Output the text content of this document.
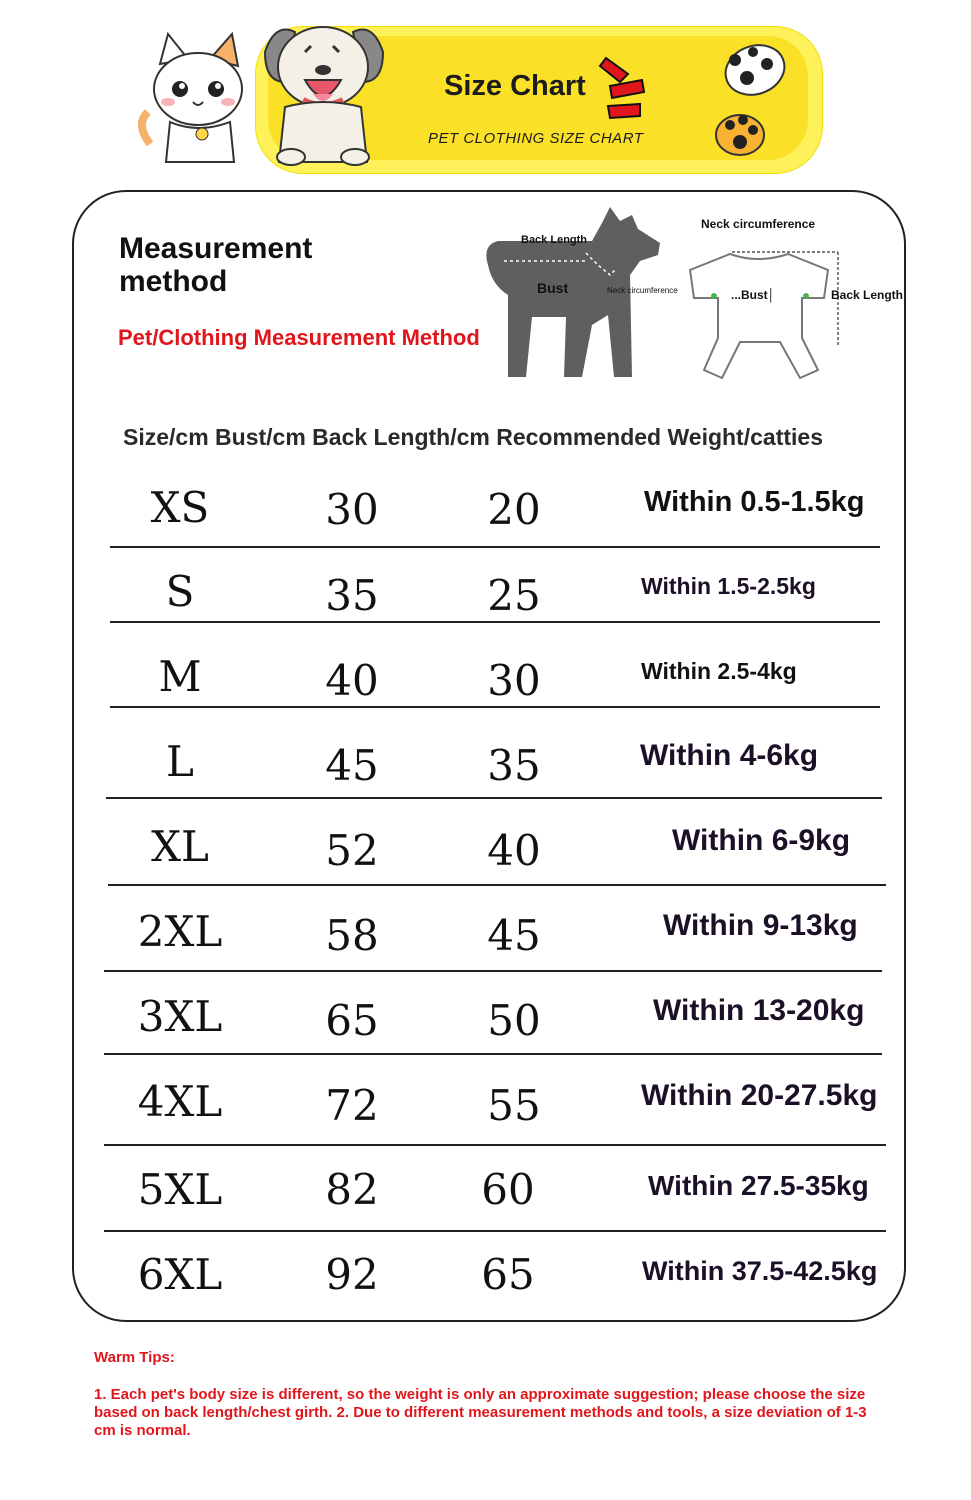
Size Chart
PET CLOTHING SIZE CHART
Measurement method
Pet/Clothing Measurement Method
Back Length
Bust	Neck circumference
Neck circumference
...Bust│	Back Length
Size/cm Bust/cm Back Length/cm Recommended Weight/catties
XS	30	20	Within 0.5-1.5kg
S	35	25	Within 1.5-2.5kg
M	40	30	Within 2.5-4kg
L	45	35	Within 4-6kg
XL	52	40	Within 6-9kg
2XL	58	45	Within 9-13kg
3XL	65	50	Within 13-20kg
4XL	72	55	Within 20-27.5kg
5XL	82	60	Within 27.5-35kg
6XL	92	65	Within 37.5-42.5kg
Warm Tips:
1. Each pet's body size is different, so the weight is only an approximate suggestion; please choose the size based on back length/chest girth. 2. Due to different measurement methods and tools, a size deviation of 1-3 cm is normal.
